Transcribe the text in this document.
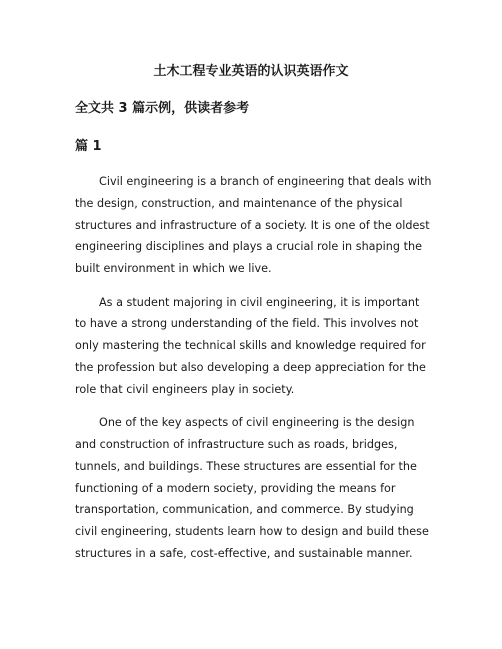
土木工程专业英语的认识英语作文
全文共 3 篇示例，供读者参考
篇 1

Civil engineering is a branch of engineering that deals with the design, construction, and maintenance of the physical structures and infrastructure of a society. It is one of the oldest engineering disciplines and plays a crucial role in shaping the built environment in which we live.

As a student majoring in civil engineering, it is important to have a strong understanding of the field. This involves not only mastering the technical skills and knowledge required for the profession but also developing a deep appreciation for the role that civil engineers play in society.

One of the key aspects of civil engineering is the design and construction of infrastructure such as roads, bridges, tunnels, and buildings. These structures are essential for the functioning of a modern society, providing the means for transportation, communication, and commerce. By studying civil engineering, students learn how to design and build these structures in a safe, cost-effective, and sustainable manner.
